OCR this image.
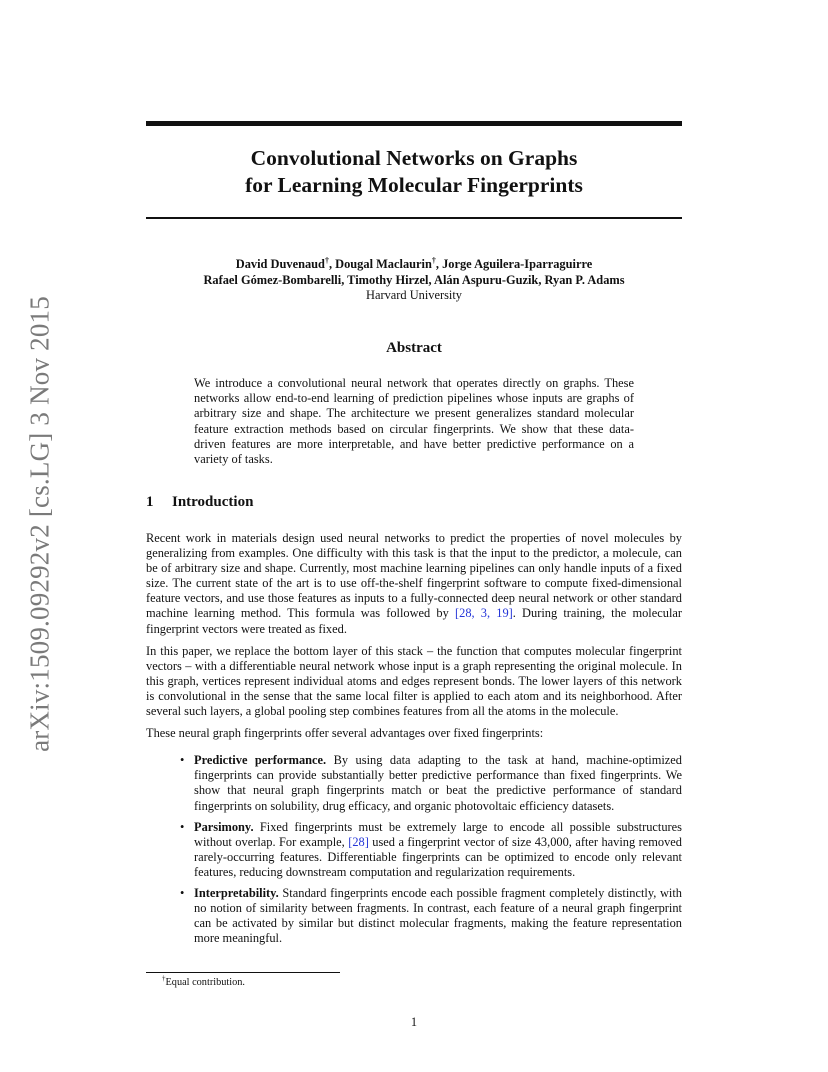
arXiv:1509.09292v2 [cs.LG] 3 Nov 2015
Convolutional Networks on Graphs
for Learning Molecular Fingerprints
David Duvenaud†, Dougal Maclaurin†, Jorge Aguilera-Iparraguirre
Rafael Gómez-Bombarelli, Timothy Hirzel, Alán Aspuru-Guzik, Ryan P. Adams
Harvard University
Abstract
We introduce a convolutional neural network that operates directly on graphs. These networks allow end-to-end learning of prediction pipelines whose inputs are graphs of arbitrary size and shape. The architecture we present generalizes standard molecular feature extraction methods based on circular fingerprints. We show that these data-driven features are more interpretable, and have better predictive performance on a variety of tasks.
1 Introduction

Recent work in materials design used neural networks to predict the properties of novel molecules by generalizing from examples. One difficulty with this task is that the input to the predictor, a molecule, can be of arbitrary size and shape. Currently, most machine learning pipelines can only handle inputs of a fixed size. The current state of the art is to use off-the-shelf fingerprint software to compute fixed-dimensional feature vectors, and use those features as inputs to a fully-connected deep neural network or other standard machine learning method. This formula was followed by [28, 3, 19]. During training, the molecular fingerprint vectors were treated as fixed.

In this paper, we replace the bottom layer of this stack – the function that computes molecular fingerprint vectors – with a differentiable neural network whose input is a graph representing the original molecule. In this graph, vertices represent individual atoms and edges represent bonds. The lower layers of this network is convolutional in the sense that the same local filter is applied to each atom and its neighborhood. After several such layers, a global pooling step combines features from all the atoms in the molecule.

These neural graph fingerprints offer several advantages over fixed fingerprints:

• Predictive performance. By using data adapting to the task at hand, machine-optimized fingerprints can provide substantially better predictive performance than fixed fingerprints. We show that neural graph fingerprints match or beat the predictive performance of standard fingerprints on solubility, drug efficacy, and organic photovoltaic efficiency datasets.
• Parsimony. Fixed fingerprints must be extremely large to encode all possible substructures without overlap. For example, [28] used a fingerprint vector of size 43,000, after having removed rarely-occurring features. Differentiable fingerprints can be optimized to encode only relevant features, reducing downstream computation and regularization requirements.
• Interpretability. Standard fingerprints encode each possible fragment completely distinctly, with no notion of similarity between fragments. In contrast, each feature of a neural graph fingerprint can be activated by similar but distinct molecular fragments, making the feature representation more meaningful.
†Equal contribution.
1
